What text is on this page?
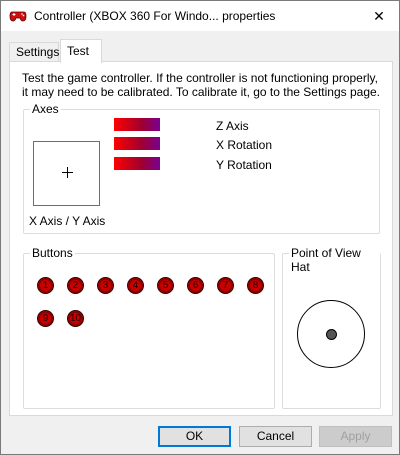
Controller (XBOX 360 For Windo... properties	✕
Settings Test
Test the game controller. If the controller is not functioning properly, it may need to be calibrated. To calibrate it, go to the Settings page.
Axes
X Axis / Y Axis
Z Axis
X Rotation
Y Rotation
Buttons
1	2	3	4	5	6	7	8
9	10
Point of View Hat
OK	Cancel	Apply
